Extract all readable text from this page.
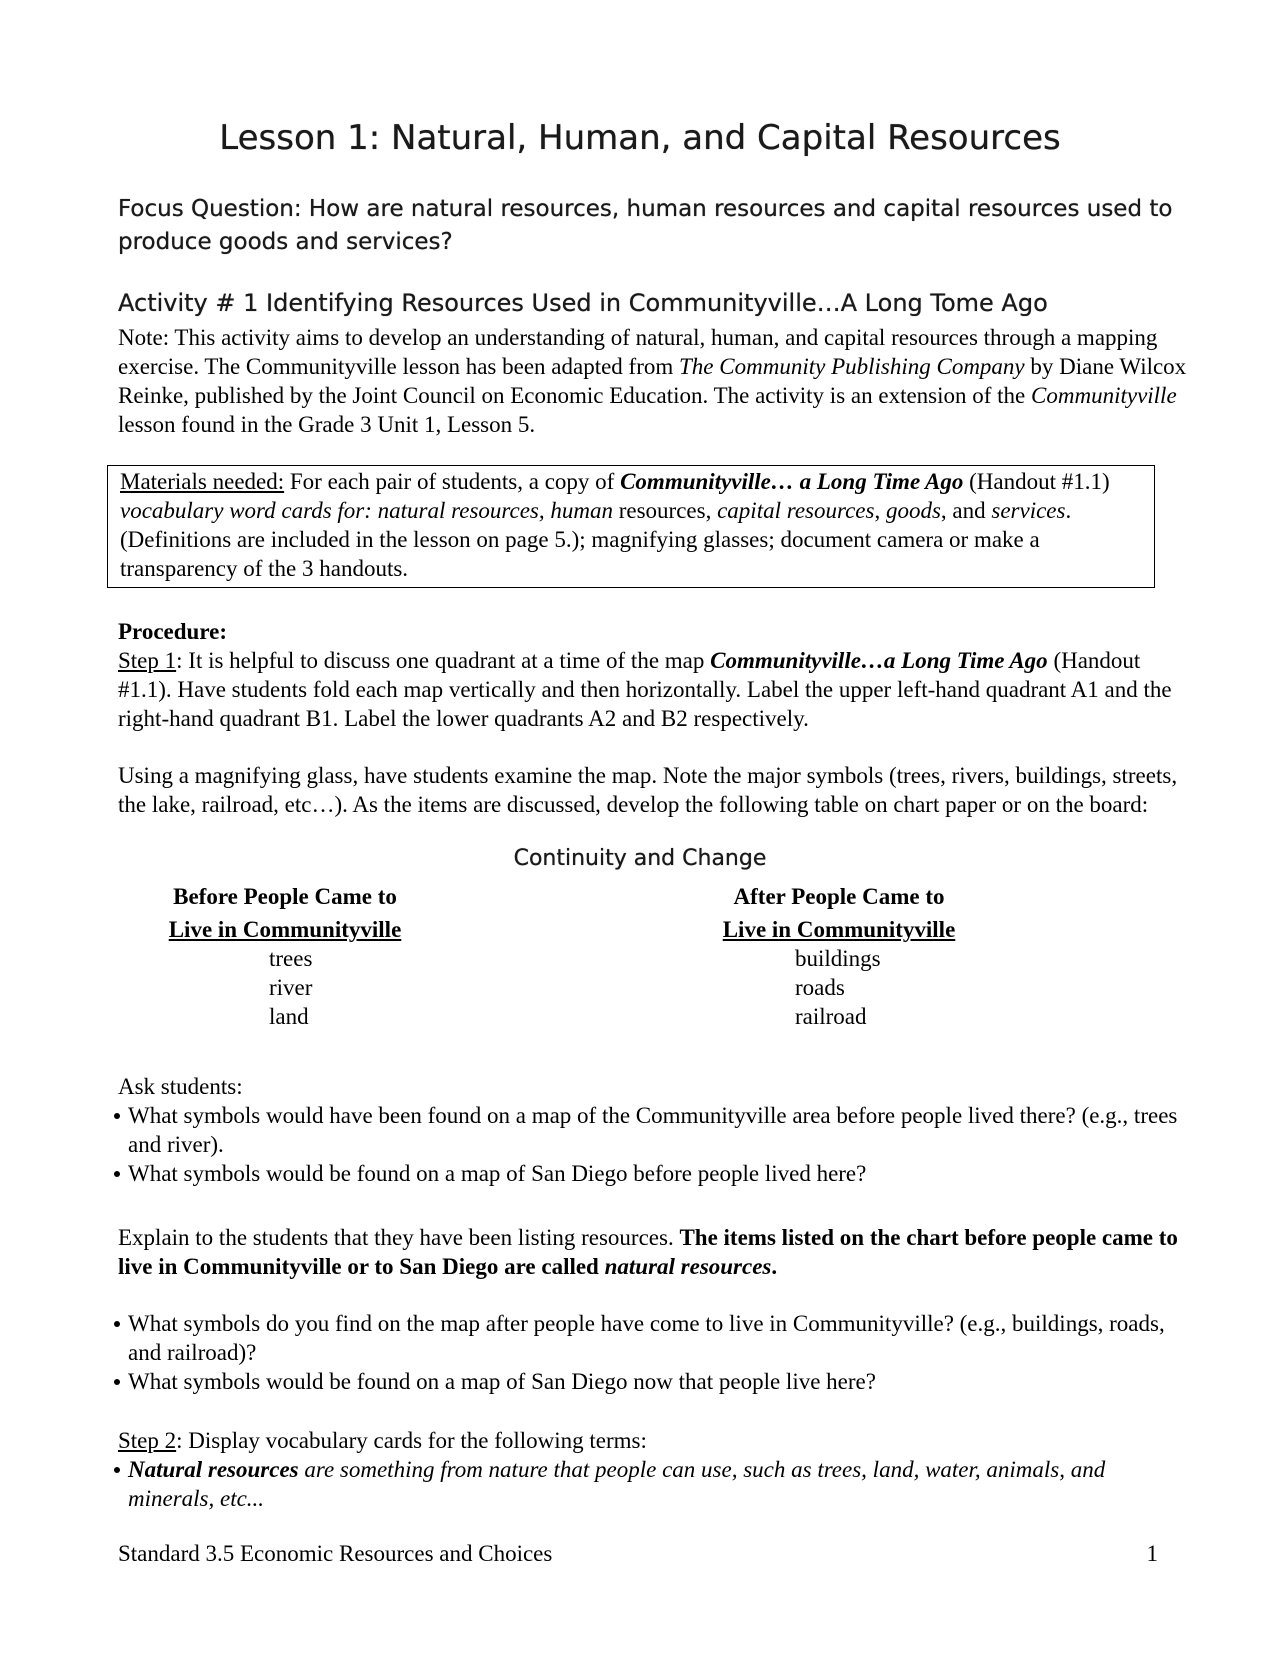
Lesson 1: Natural, Human, and Capital Resources
Focus Question: How are natural resources, human resources and capital resources used to produce goods and services?
Activity # 1 Identifying Resources Used in Communityville…A Long Tome Ago
Note: This activity aims to develop an understanding of natural, human, and capital resources through a mapping exercise. The Communityville lesson has been adapted from The Community Publishing Company by Diane Wilcox Reinke, published by the Joint Council on Economic Education. The activity is an extension of the Communityville lesson found in the Grade 3 Unit 1, Lesson 5.
Materials needed: For each pair of students, a copy of Communityville… a Long Time Ago (Handout #1.1) vocabulary word cards for: natural resources, human resources, capital resources, goods, and services. (Definitions are included in the lesson on page 5.); magnifying glasses; document camera or make a transparency of the 3 handouts.
Procedure:
Step 1: It is helpful to discuss one quadrant at a time of the map Communityville…a Long Time Ago (Handout #1.1). Have students fold each map vertically and then horizontally. Label the upper left-hand quadrant A1 and the right-hand quadrant B1. Label the lower quadrants A2 and B2 respectively.
Using a magnifying glass, have students examine the map. Note the major symbols (trees, rivers, buildings, streets, the lake, railroad, etc…). As the items are discussed, develop the following table on chart paper or on the board:
Continuity and Change
Before People Came to
Live in Communityville
trees
river
land
After People Came to
Live in Communityville
buildings
roads
railroad
Ask students:
What symbols would have been found on a map of the Communityville area before people lived there? (e.g., trees and river).
What symbols would be found on a map of San Diego before people lived here?
Explain to the students that they have been listing resources. The items listed on the chart before people came to live in Communityville or to San Diego are called natural resources.
What symbols do you find on the map after people have come to live in Communityville? (e.g., buildings, roads, and railroad)?
What symbols would be found on a map of San Diego now that people live here?
Step 2: Display vocabulary cards for the following terms:
Natural resources are something from nature that people can use, such as trees, land, water, animals, and minerals, etc...
Standard 3.5 Economic Resources and Choices	1
